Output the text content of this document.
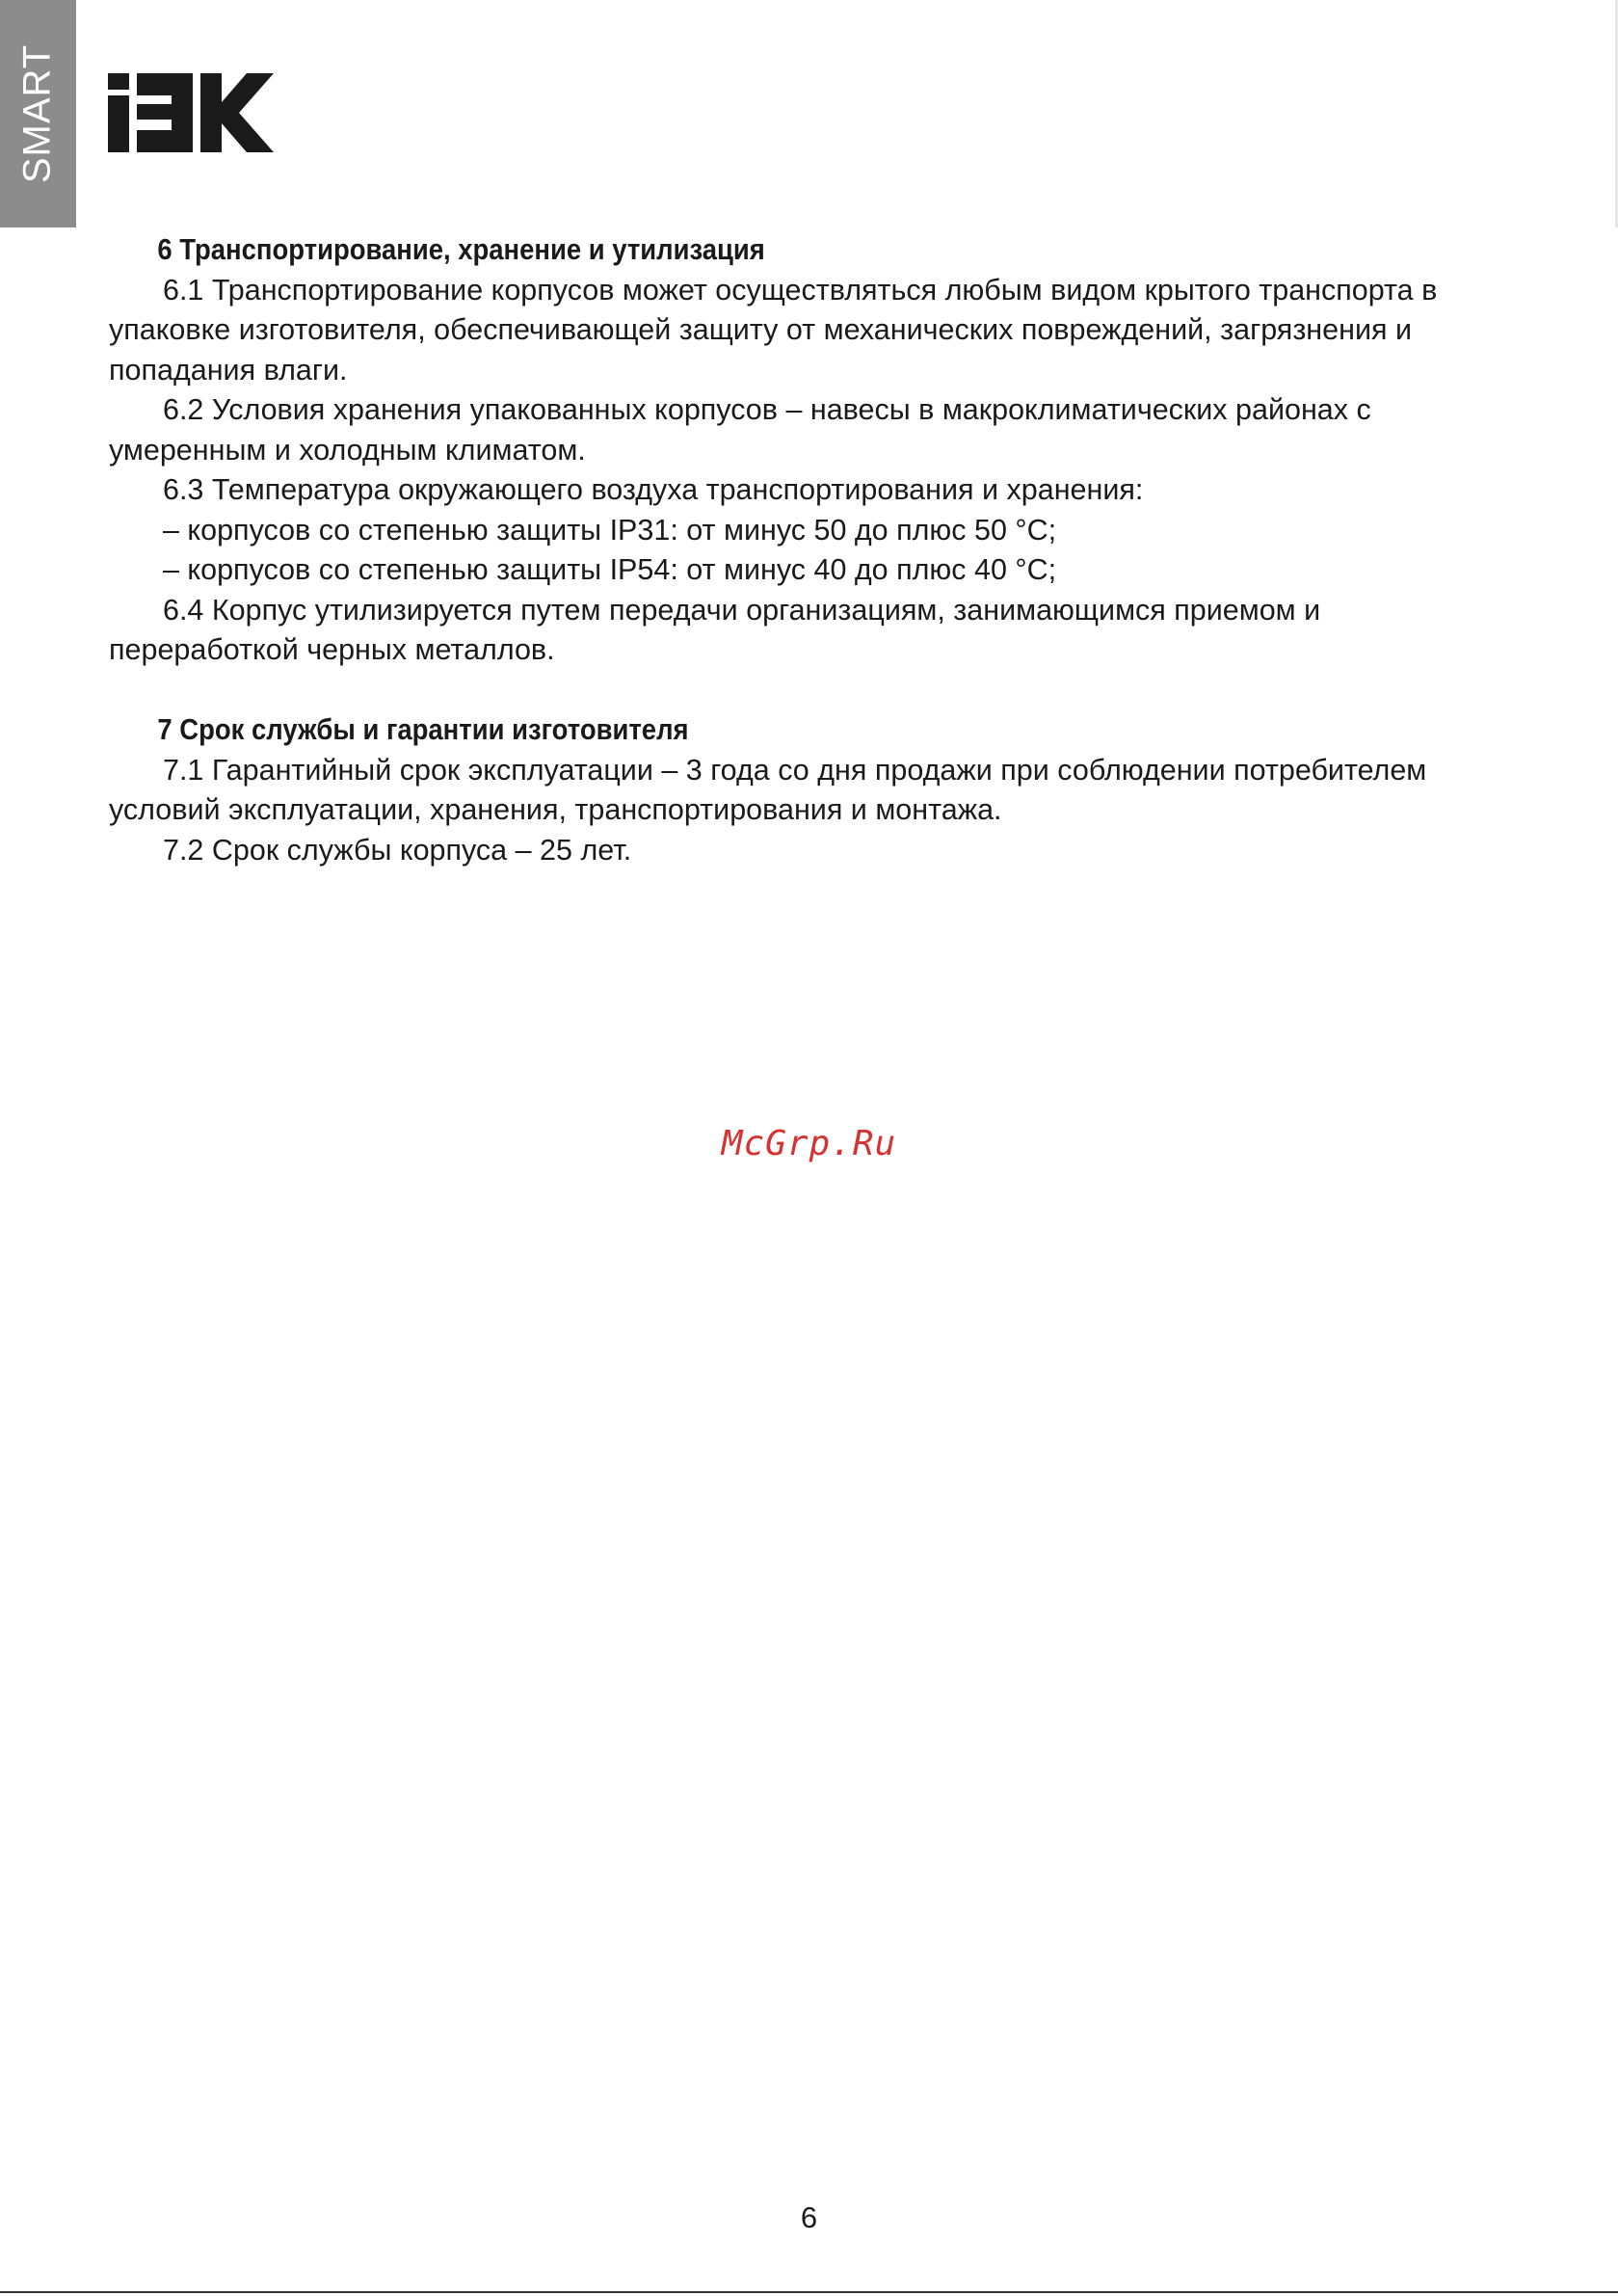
SMART

6 Транспортирование, хранение и утилизация

6.1 Транспортирование корпусов может осуществляться любым видом крытого транспорта в упаковке изготовителя, обеспечивающей защиту от механических повреждений, загрязнения и попадания влаги.

6.2 Условия хранения упакованных корпусов – навесы в макроклиматических районах с умеренным и холодным климатом.

6.3 Температура окружающего воздуха транспортирования и хранения:

– корпусов со степенью защиты IP31: от минус 50 до плюс 50 °С;

– корпусов со степенью защиты IP54: от минус 40 до плюс 40 °С;

6.4 Корпус утилизируется путем передачи организациям, занимающимся приемом и переработкой черных металлов.

7 Срок службы и гарантии изготовителя

7.1 Гарантийный срок эксплуатации – 3 года со дня продажи при соблюдении потребителем условий эксплуатации, хранения, транспортирования и монтажа.

7.2 Срок службы корпуса – 25 лет.

McGrp.Ru
6
